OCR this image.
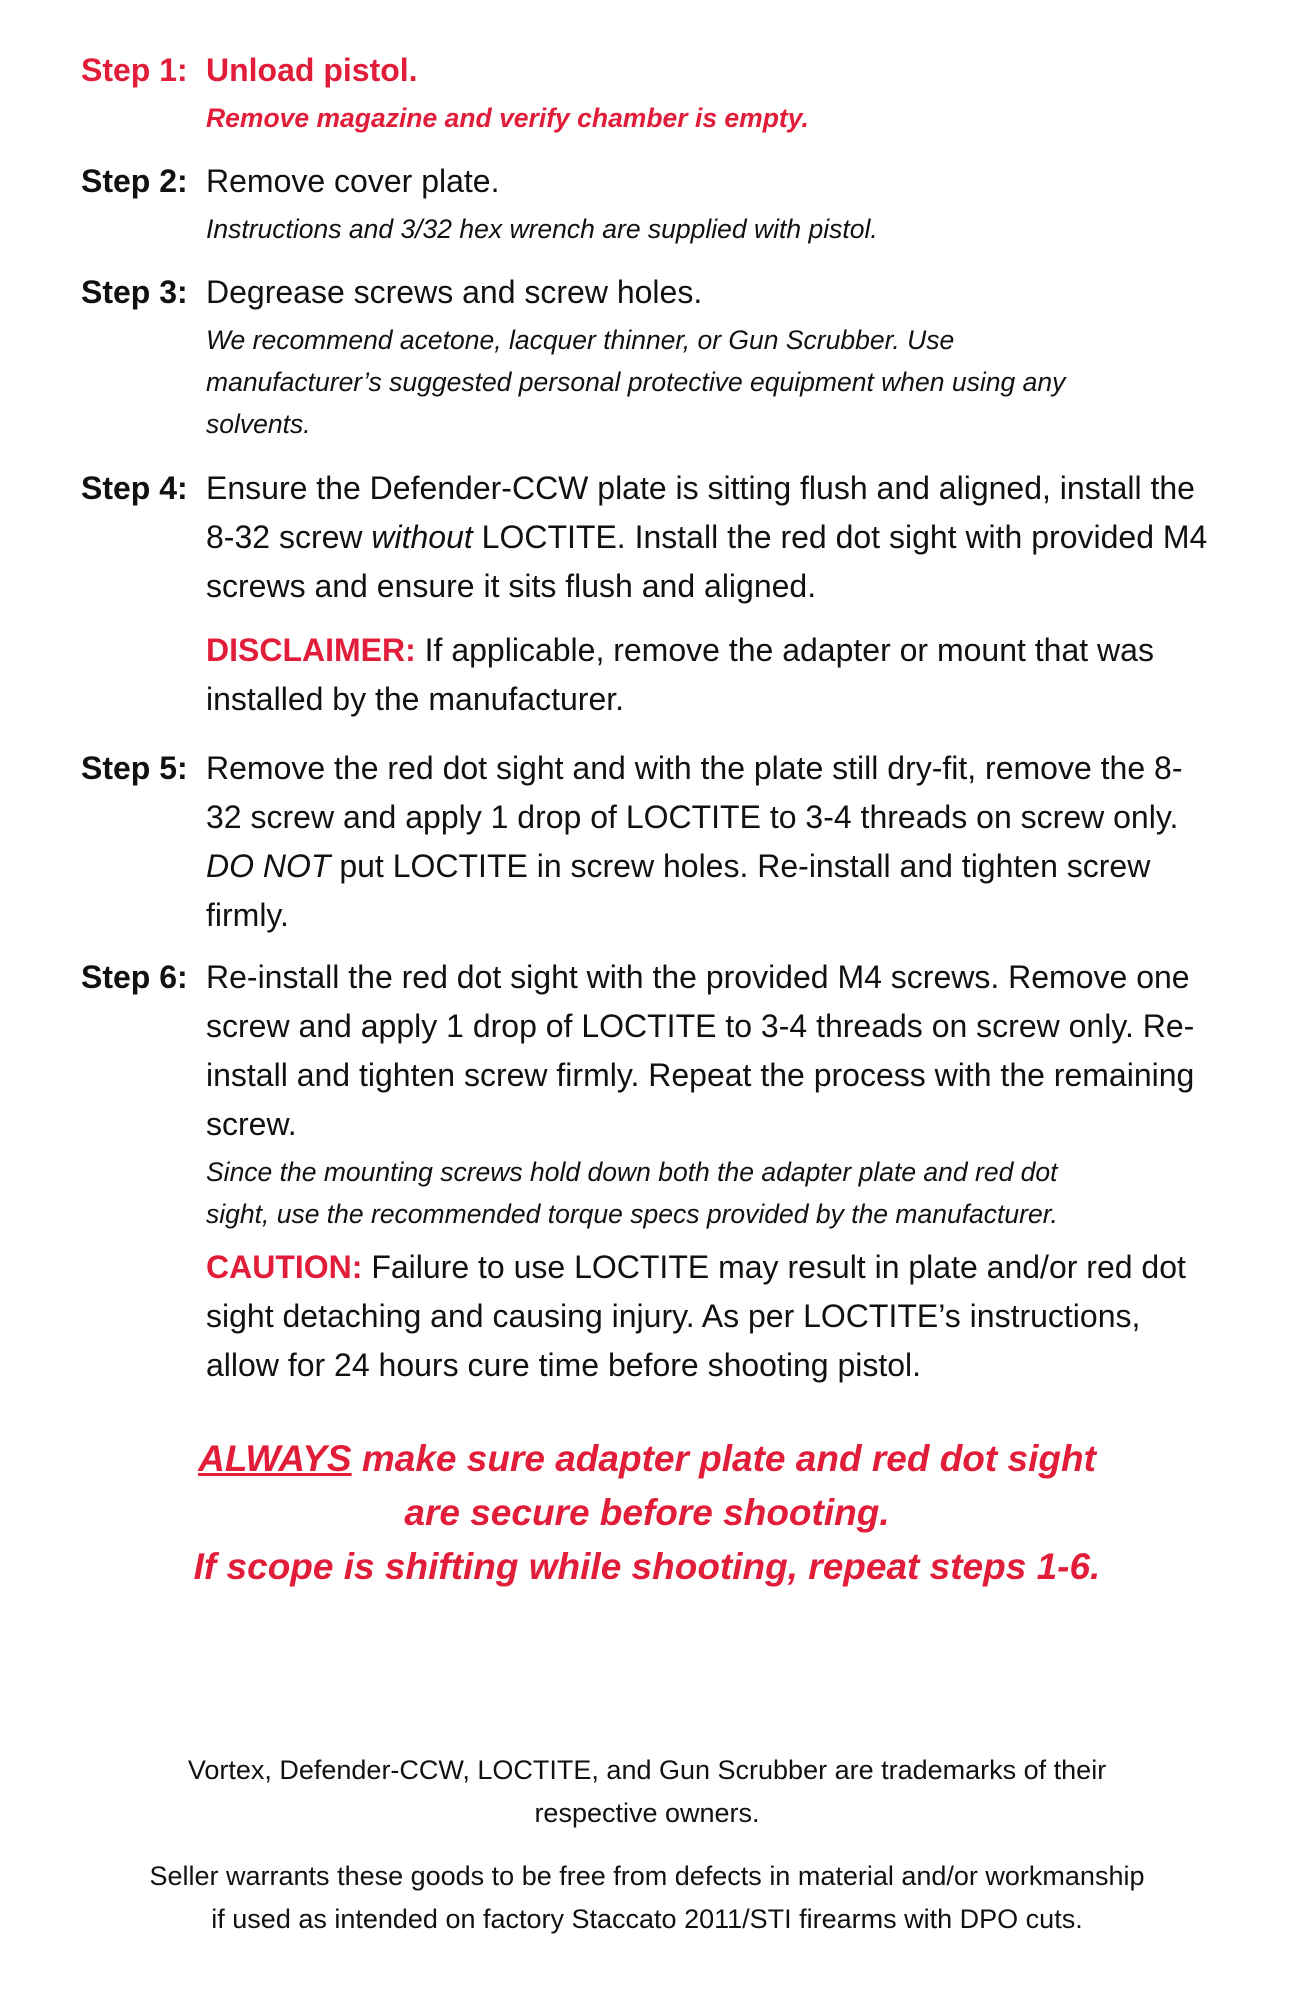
Step 1: Unload pistol.
Remove magazine and verify chamber is empty.
Step 2: Remove cover plate.
Instructions and 3/32 hex wrench are supplied with pistol.
Step 3: Degrease screws and screw holes.
We recommend acetone, lacquer thinner, or Gun Scrubber. Use
manufacturer’s suggested personal protective equipment when using any
solvents.
Step 4: Ensure the Defender-CCW plate is sitting flush and aligned, install the 8-32 screw without LOCTITE. Install the red dot sight with provided M4 screws and ensure it sits flush and aligned.
DISCLAIMER: If applicable, remove the adapter or mount that was installed by the manufacturer.
Step 5: Remove the red dot sight and with the plate still dry-fit, remove the 8-32 screw and apply 1 drop of LOCTITE to 3-4 threads on screw only. DO NOT put LOCTITE in screw holes. Re-install and tighten screw firmly.
Step 6: Re-install the red dot sight with the provided M4 screws. Remove one screw and apply 1 drop of LOCTITE to 3-4 threads on screw only. Re-install and tighten screw firmly. Repeat the process with the remaining screw.
Since the mounting screws hold down both the adapter plate and red dot
sight, use the recommended torque specs provided by the manufacturer.
CAUTION: Failure to use LOCTITE may result in plate and/or red dot sight detaching and causing injury. As per LOCTITE’s instructions, allow for 24 hours cure time before shooting pistol.
ALWAYS make sure adapter plate and red dot sight
are secure before shooting.
If scope is shifting while shooting, repeat steps 1-6.
Vortex, Defender-CCW, LOCTITE, and Gun Scrubber are trademarks of their
respective owners.
Seller warrants these goods to be free from defects in material and/or workmanship
if used as intended on factory Staccato 2011/STI firearms with DPO cuts.
